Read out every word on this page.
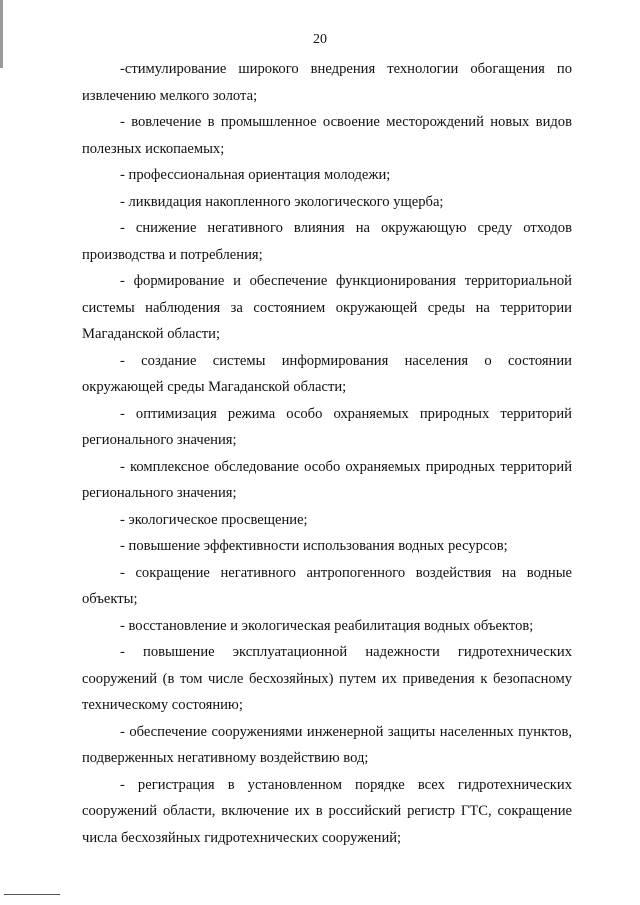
20

-стимулирование широкого внедрения технологии обогащения по извлечению мелкого золота;

- вовлечение в промышленное освоение месторождений новых видов полезных ископаемых;

- профессиональная ориентация молодежи;

- ликвидация накопленного экологического ущерба;

- снижение негативного влияния на окружающую среду отходов производства и потребления;

- формирование и обеспечение функционирования территориальной системы наблюдения за состоянием окружающей среды на территории Магаданской области;

- создание системы информирования населения о состоянии окружающей среды Магаданской области;

- оптимизация режима особо охраняемых природных территорий регионального значения;

- комплексное обследование особо охраняемых природных территорий регионального значения;

- экологическое просвещение;

- повышение эффективности использования водных ресурсов;

- сокращение негативного антропогенного воздействия на водные объекты;

- восстановление и экологическая реабилитация водных объектов;

- повышение эксплуатационной надежности гидротехнических сооружений (в том числе бесхозяйных) путем их приведения к безопасному техническому состоянию;

- обеспечение сооружениями инженерной защиты населенных пунктов, подверженных негативному воздействию вод;

- регистрация в установленном порядке всех гидротехнических сооружений области, включение их в российский регистр ГТС, сокращение числа бесхозяйных гидротехнических сооружений;
